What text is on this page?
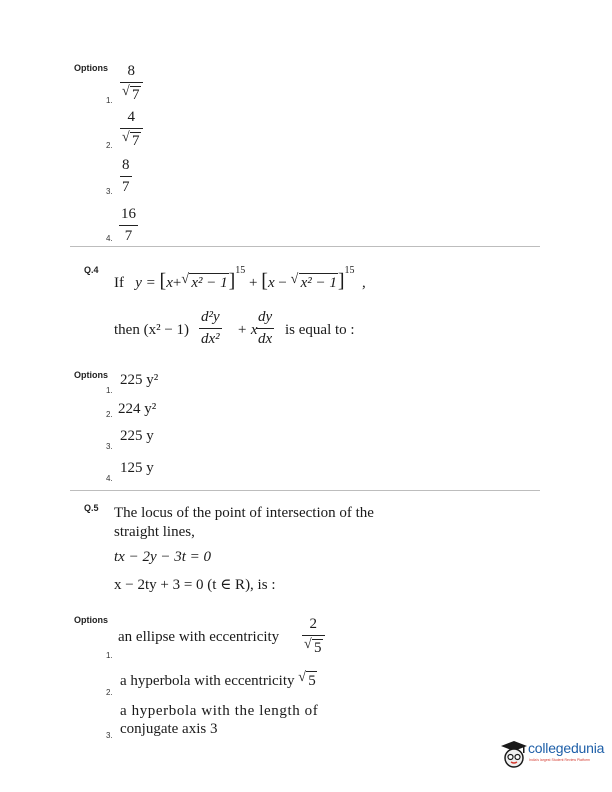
Options
1. $\frac{8}{√ 7}$
2. $\frac{4}{√ 7}$
3. $\frac{8}{7}$
4. $\frac{16}{7}$
Q.4
If y = [x+ √ x² − 1]$^{15}$ + [x − √ x² − 1]$^{15}$  ,
then $(x^2 - 1) \frac{\text{d²y}}{\text{dx²}} + x$
$\frac{dy}{dx}$ is equal to :
Options
1.
225 y²
2. 224 y²
3.
225 y
4.
125 y
Q.5 The locus of the point of intersection of the
straight lines,
tx − 2y − 3t = 0
x − 2ty + 3 = 0 (t ∈ R), is :
Options
1.
an ellipse with eccentricity $\frac{2}{√ 5}$
2.
a hyperbola with eccentricity √ 5
3.
a hyperbola with the length of
conjugate axis 3
collegedunia
India's largest Student Review Platform
